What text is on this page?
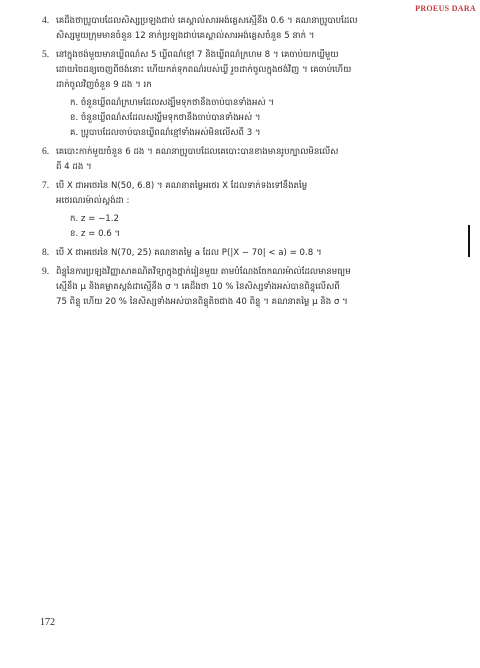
PROEUS DARA
4. គេដឹងថាប្រូបាបដែលសិស្សប្រឡងជាប់ គេស្គាល់សារអង់គ្លេសស្មើនឹង 0.6 ។ គណនាប្រូបាបដែល
សិស្សមួយក្រុមមានចំនួន 12 នាក់ប្រឡងជាប់គេស្គាល់សារអង់គ្លេសចំនួន 5 នាក់ ។
5. នៅក្នុងថង់មួយមានឃ្លីពណ៌ស 5 ឃ្លីពណ៌ខ្មៅ 7 និងឃ្លីពណ៌ក្រហម 8 ។ គេចាប់យកឃ្លីមួយ
ដោយចៃដន្យចេញពីថង់នោះ ហើយកត់ទុកពណ៌របស់ឃ្លី រួចដាក់ចូលក្នុងថង់វិញ ។ គេចាប់ហើយ
ដាក់ចូលវិញចំនួន 9 ដង ។ រក
ក. ចំនួនឃ្លីពណ៌ក្រហមដែលសង្ឃឹមទុកថានឹងចាប់បានទាំងអស់ ។
ខ. ចំនួនឃ្លីពណ៌សដែលសង្ឃឹមទុកថានឹងចាប់បានទាំងអស់ ។
គ. ប្រូបាបដែលចាប់បានឃ្លីពណ៌ខ្មៅទាំងអស់មិនលើសពី 3 ។
6. គេបោះកាក់មួយចំនួន 6 ដង ។ គណនាប្រូបាបដែលគេបោះបានខាងមានរូបក្បាលមិនលើស
ពី 4 ដង ។
7. បើ X ជាអថេរនៃ N(50, 6.8) ។ គណនាតម្លៃអថេរ X ដែលទាក់ទងទៅនឹងតម្លៃ
អថេរណរម៉ាល់ស្តង់ដា :
ក. z = −1.2
ខ. z = 0.6 ។
8. បើ X ជាអថេរនៃ N(70, 25) គណនាតម្លៃ a ដែល P(|X − 70| < a) = 0.8 ។
9. ពិន្ទុនៃការប្រឡងវិញ្ញាសាគណិតវិទ្យាក្នុងថ្នាក់រៀនមួយ តាមបំណែងចែកណរម៉ាល់ដែលមានមធ្យម
ស្មើនឹង μ និងគម្លាតស្តង់ដាស្មើនឹង σ ។ គេដឹងថា 10 % នៃសិស្សទាំងអស់បានពិន្ទុលើសពី
75 ពិន្ទុ ហើយ 20 % នៃសិស្សទាំងអស់បានពិន្ទុតិចជាង 40 ពិន្ទុ ។ គណនាតម្លៃ μ និង σ ។
172
